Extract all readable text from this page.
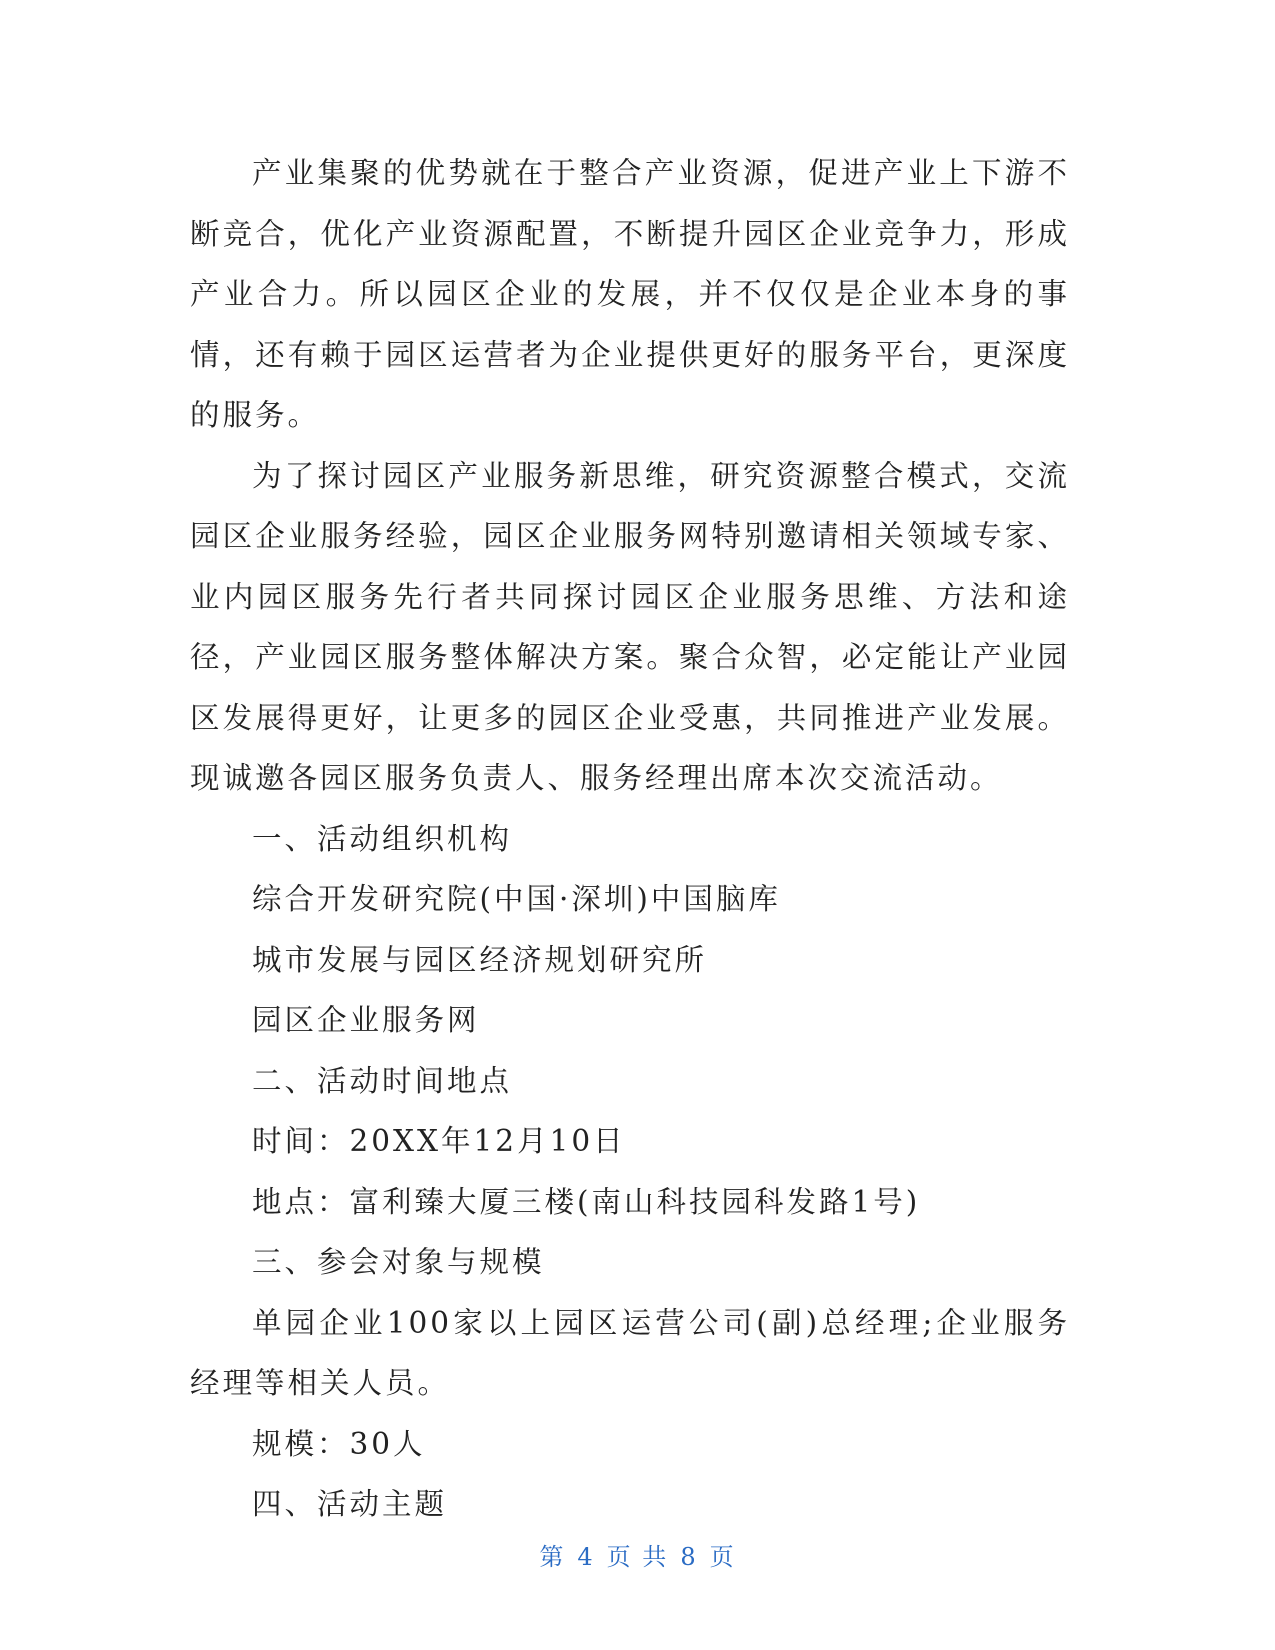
产业集聚的优势就在于整合产业资源，促进产业上下游不断竞合，优化产业资源配置，不断提升园区企业竞争力，形成产业合力。所以园区企业的发展，并不仅仅是企业本身的事情，还有赖于园区运营者为企业提供更好的服务平台，更深度的服务。

为了探讨园区产业服务新思维，研究资源整合模式，交流园区企业服务经验，园区企业服务网特别邀请相关领域专家、业内园区服务先行者共同探讨园区企业服务思维、方法和途径，产业园区服务整体解决方案。聚合众智，必定能让产业园区发展得更好，让更多的园区企业受惠，共同推进产业发展。现诚邀各园区服务负责人、服务经理出席本次交流活动。

一、活动组织机构

综合开发研究院(中国·深圳)中国脑库

城市发展与园区经济规划研究所

园区企业服务网

二、活动时间地点

时间：20XX年12月10日

地点：富利臻大厦三楼(南山科技园科发路1号)

三、参会对象与规模

单园企业100家以上园区运营公司(副)总经理;企业服务经理等相关人员。

规模：30人

四、活动主题

第 4 页 共 8 页
